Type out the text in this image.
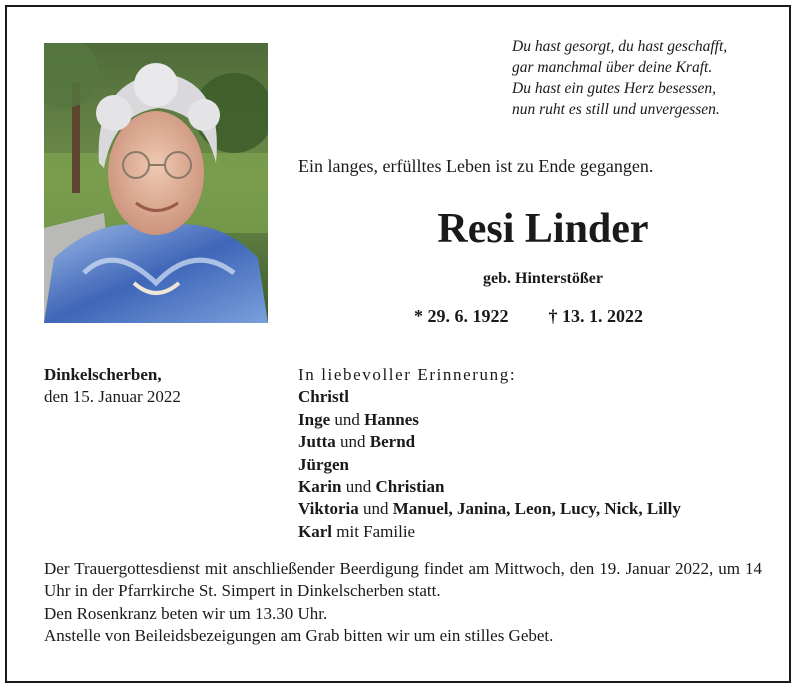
Du hast gesorgt, du hast geschafft,
gar manchmal über deine Kraft.
Du hast ein gutes Herz besessen,
nun ruht es still und unvergessen.
Ein langes, erfülltes Leben ist zu Ende gegangen.
Resi Linder
geb. Hinterstößer
* 29. 6. 1922 † 13. 1. 2022
Dinkelscherben,
den 15. Januar 2022
In liebevoller Erinnerung:
Christl
Inge und Hannes
Jutta und Bernd
Jürgen
Karin und Christian
Viktoria und Manuel, Janina, Leon, Lucy, Nick, Lilly
Karl mit Familie
Der Trauergottesdienst mit anschließender Beerdigung findet am Mittwoch, den 19. Januar 2022, um 14 Uhr in der Pfarrkirche St. Simpert in Dinkelscherben statt.
Den Rosenkranz beten wir um 13.30 Uhr.
Anstelle von Beileidsbezeigungen am Grab bitten wir um ein stilles Gebet.
